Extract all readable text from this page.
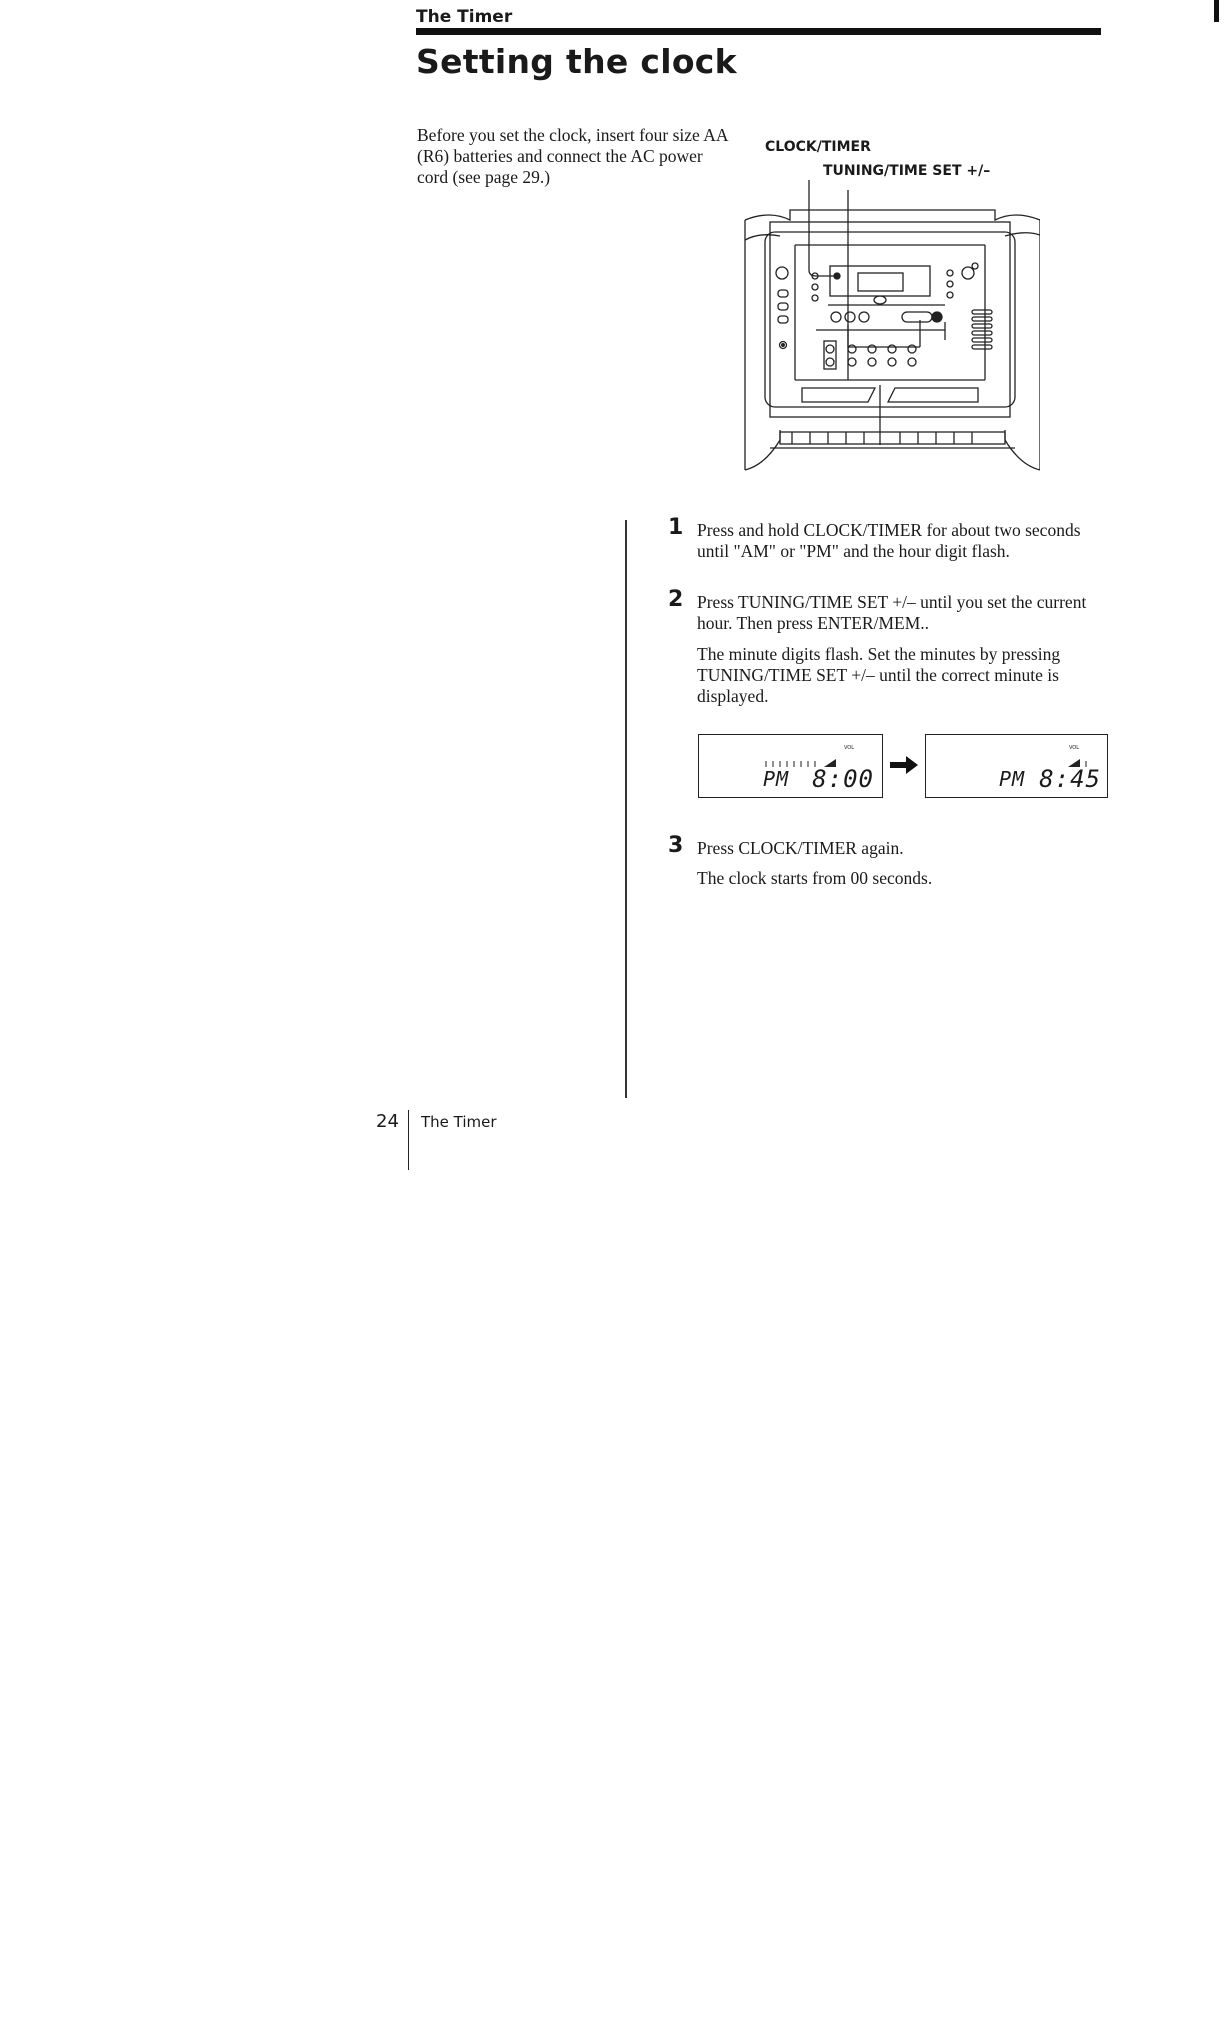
The Timer
Setting the clock
Before you set the clock, insert four size AA (R6) batteries and connect the AC power cord (see page 29.)
CLOCK/TIMER
TUNING/TIME SET +/–
1 Press and hold CLOCK/TIMER for about two seconds until "AM" or "PM" and the hour digit flash.
2 Press TUNING/TIME SET +/– until you set the current hour. Then press ENTER/MEM..
The minute digits flash. Set the minutes by pressing TUNING/TIME SET +/– until the correct minute is displayed.
VOL
PM 8:00
VOL
PM 8:45
3 Press CLOCK/TIMER again.
The clock starts from 00 seconds.
24 The Timer
